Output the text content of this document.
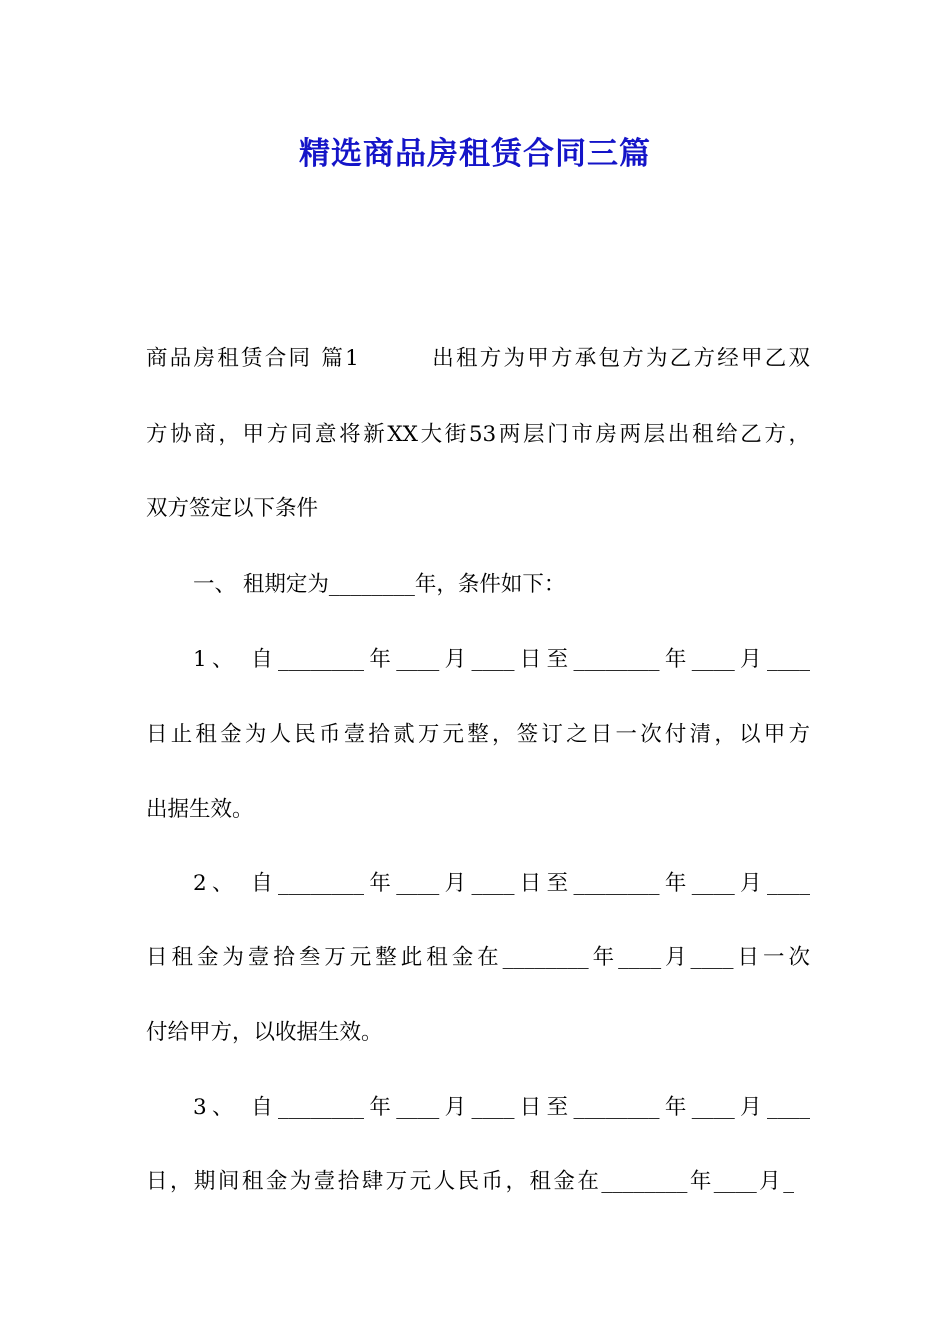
精选商品房租赁合同三篇

商品房租赁合同 篇1　　　出租方为甲方承包方为乙方经甲乙双

方协商，甲方同意将新XX大街53两层门市房两层出租给乙方，

双方签定以下条件

一、 租期定为________年，条件如下：

1、 自________年____月____日至________年____月____

日止租金为人民币壹拾贰万元整，签订之日一次付清，以甲方

出据生效。

2、 自________年____月____日至________年____月____

日租金为壹拾叁万元整此租金在________年____月____日一次

付给甲方，以收据生效。

3、 自________年____月____日至________年____月____

日，期间租金为壹拾肆万元人民币，租金在________年____月_
